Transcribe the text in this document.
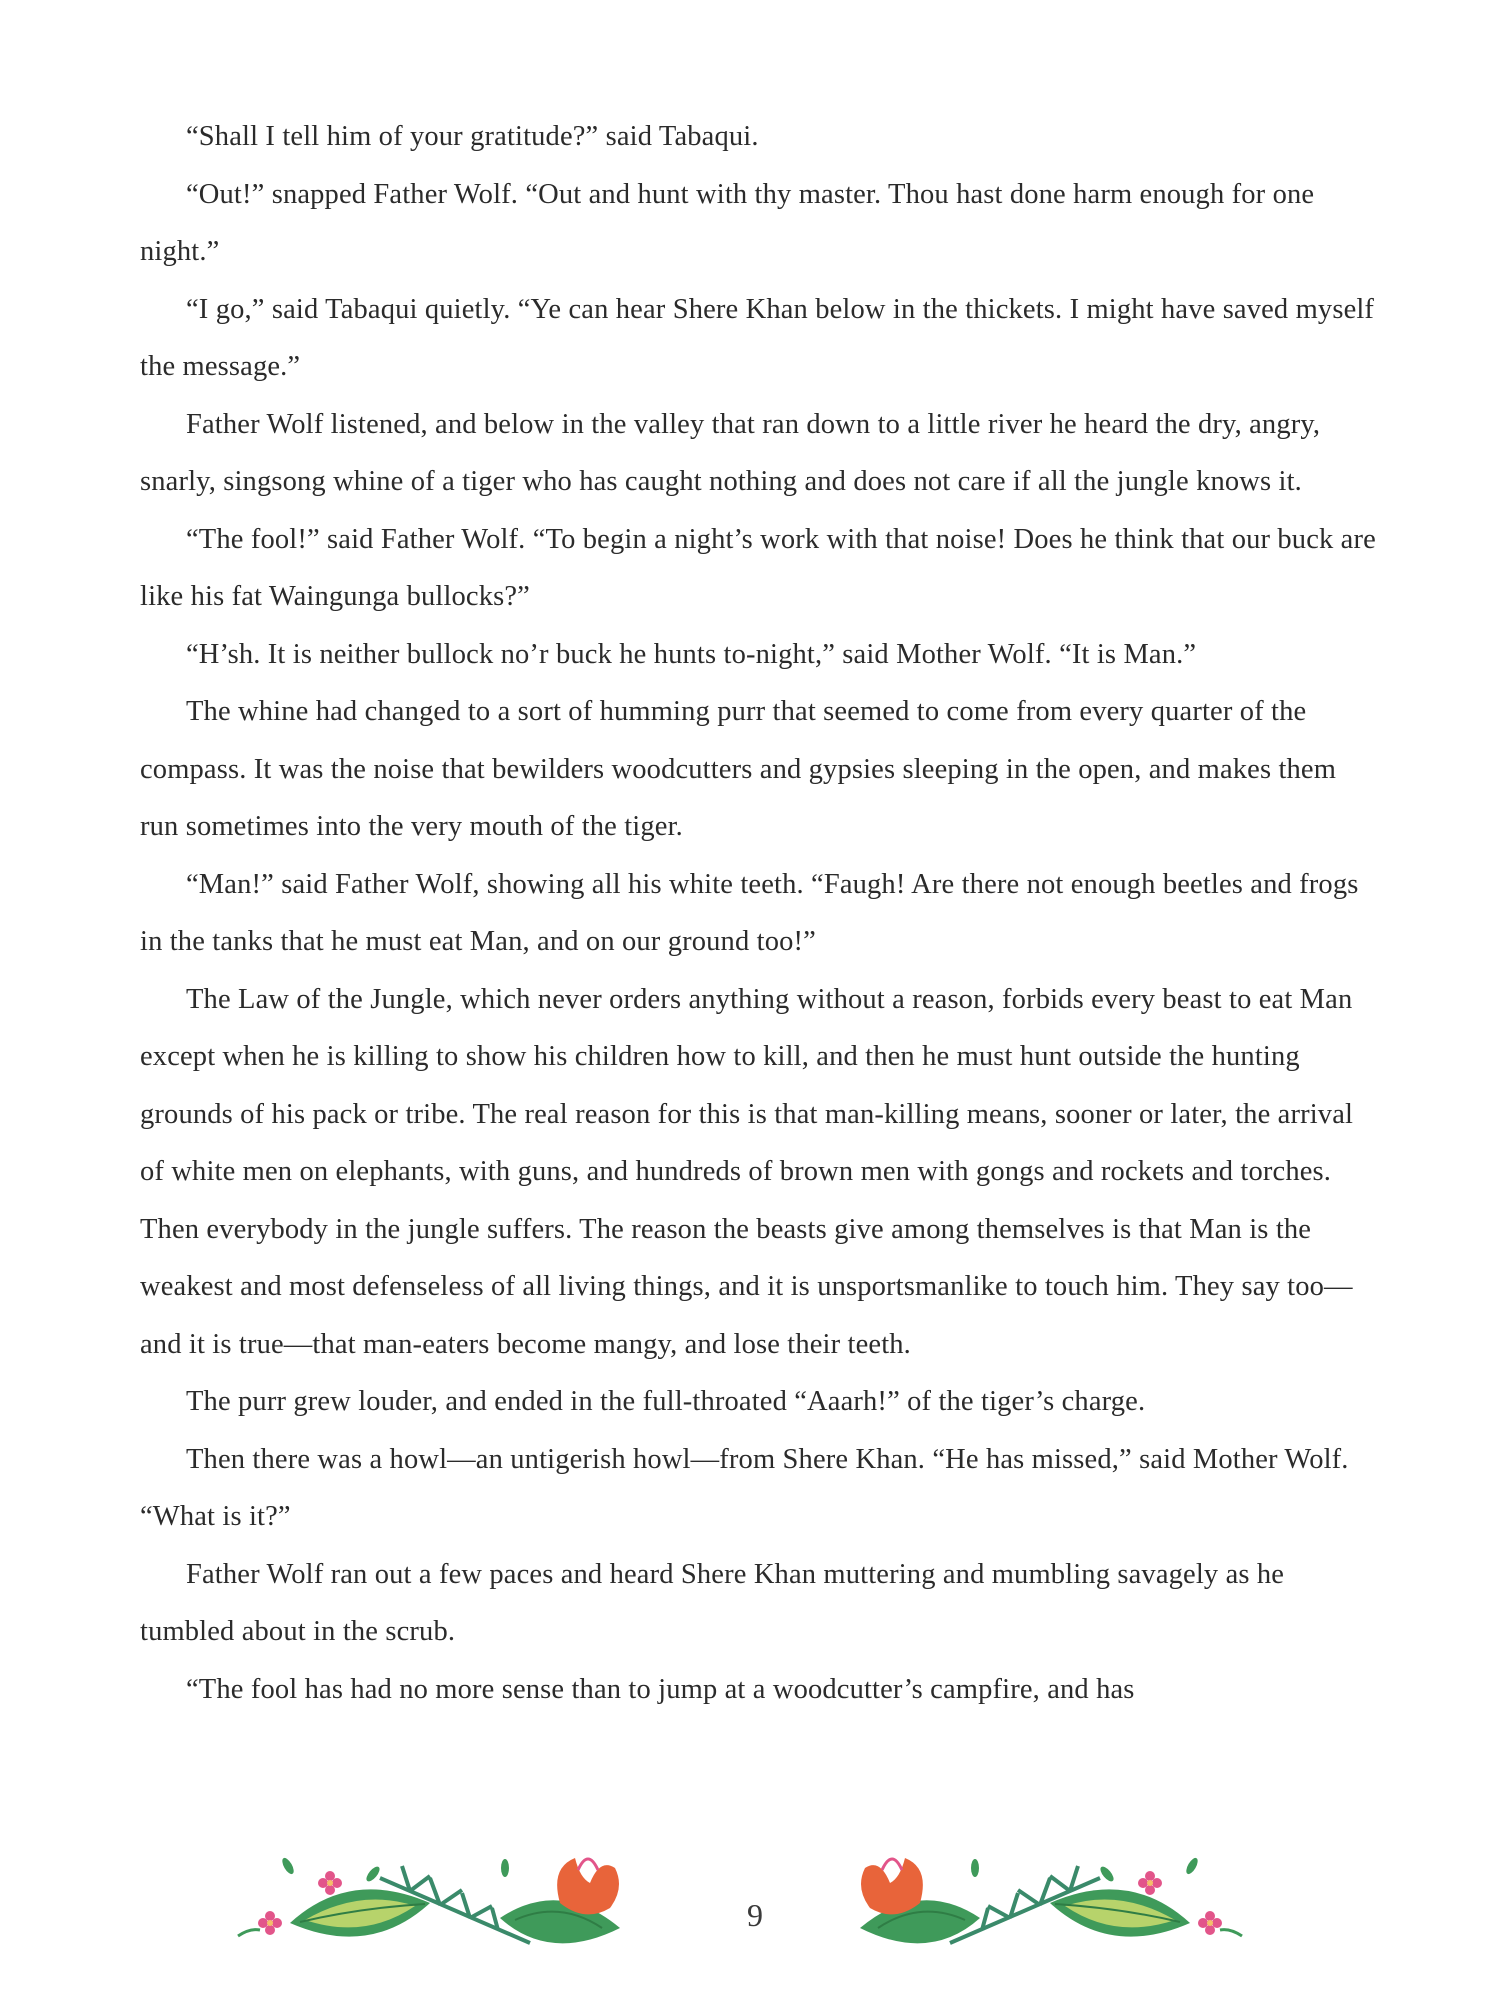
“Shall I tell him of your gratitude?” said Tabaqui.

“Out!” snapped Father Wolf. “Out and hunt with thy master. Thou hast done harm enough for one night.”

“I go,” said Tabaqui quietly. “Ye can hear Shere Khan below in the thickets. I might have saved myself the message.”

Father Wolf listened, and below in the valley that ran down to a little river he heard the dry, angry, snarly, singsong whine of a tiger who has caught nothing and does not care if all the jungle knows it.

“The fool!” said Father Wolf. “To begin a night’s work with that noise! Does he think that our buck are like his fat Waingunga bullocks?”

“H’sh. It is neither bullock no’r buck he hunts to-night,” said Mother Wolf. “It is Man.”

The whine had changed to a sort of humming purr that seemed to come from every quarter of the compass. It was the noise that bewilders woodcutters and gypsies sleeping in the open, and makes them run sometimes into the very mouth of the tiger.

“Man!” said Father Wolf, showing all his white teeth. “Faugh! Are there not enough beetles and frogs in the tanks that he must eat Man, and on our ground too!”

The Law of the Jungle, which never orders anything without a reason, forbids every beast to eat Man except when he is killing to show his children how to kill, and then he must hunt outside the hunting grounds of his pack or tribe. The real reason for this is that man-killing means, sooner or later, the arrival of white men on elephants, with guns, and hundreds of brown men with gongs and rockets and torches. Then everybody in the jungle suffers. The reason the beasts give among themselves is that Man is the weakest and most defenseless of all living things, and it is unsportsmanlike to touch him. They say too—and it is true—that man-eaters become mangy, and lose their teeth.

The purr grew louder, and ended in the full-throated “Aaarh!” of the tiger’s charge.

Then there was a howl—an untigerish howl—from Shere Khan. “He has missed,” said Mother Wolf. “What is it?”

Father Wolf ran out a few paces and heard Shere Khan muttering and mumbling savagely as he tumbled about in the scrub.

“The fool has had no more sense than to jump at a woodcutter’s campfire, and has

9
